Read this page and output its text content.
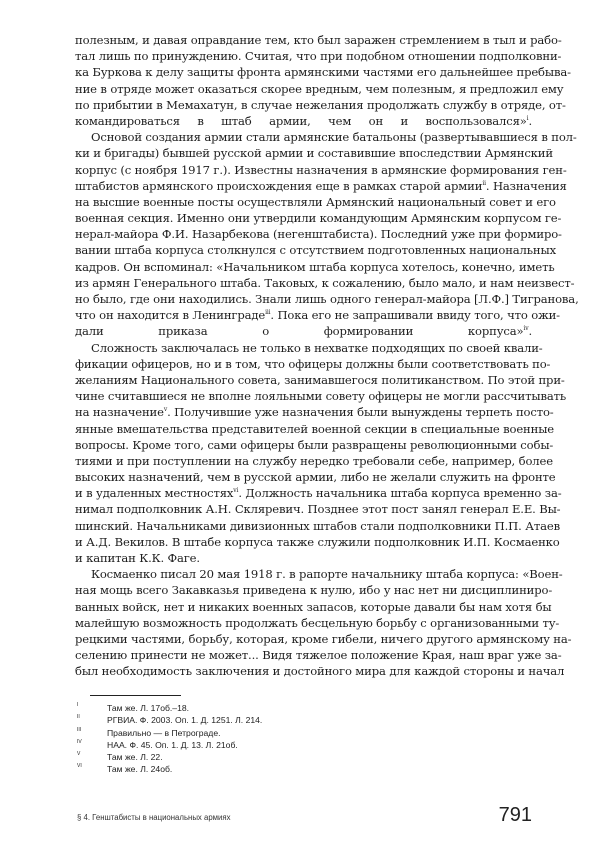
полезным, и давая оправдание тем, кто был заражен стремлением в тыл и рабо-
тал лишь по принуждению. Считая, что при подобном отношении подполковни-
ка Буркова к делу защиты фронта армянскими частями его дальнейшее пребыва-
ние в отряде может оказаться скорее вредным, чем полезным, я предложил ему
по прибытии в Мемахатун, в случае нежелания продолжать службу в отряде, от-
командироваться в штаб армии, чем он и воспользовался»$^i$.
Основой создания армии стали армянские батальоны (развертывавшиеся в пол-
ки и бригады) бывшей русской армии и составившие впоследствии Армянский
корпус (с ноября 1917 г.). Известны назначения в армянские формирования ген-
штабистов армянского происхождения еще в рамках старой армии$^{ii}$. Назначения
на высшие военные посты осуществляли Армянский национальный совет и его
военная секция. Именно они утвердили командующим Армянским корпусом ге-
нерал-майора Ф.И. Назарбекова (негенштабиста). Последний уже при формиро-
вании штаба корпуса столкнулся с отсутствием подготовленных национальных
кадров. Он вспоминал: «Начальником штаба корпуса хотелось, конечно, иметь
из армян Генерального штаба. Таковых, к сожалению, было мало, и нам неизвест-
но было, где они находились. Знали лишь одного генерал-майора [Л.Ф.] Тигранова,
что он находится в Ленинграде$^{iii}$. Пока его не запрашивали ввиду того, что ожи-
дали приказа о формировании корпуса»$^{iv}$.
Сложность заключалась не только в нехватке подходящих по своей квали-
фикации офицеров, но и в том, что офицеры должны были соответствовать по-
желаниям Национального совета, занимавшегося политиканством. По этой при-
чине считавшиеся не вполне лояльными совету офицеры не могли рассчитывать
на назначение$^v$. Получившие уже назначения были вынуждены терпеть посто-
янные вмешательства представителей военной секции в специальные военные
вопросы. Кроме того, сами офицеры были развращены революционными собы-
тиями и при поступлении на службу нередко требовали себе, например, более
высоких назначений, чем в русской армии, либо не желали служить на фронте
и в удаленных местностях$^{vi}$. Должность начальника штаба корпуса временно за-
нимал подполковник А.Н. Скляревич. Позднее этот пост занял генерал Е.Е. Вы-
шинский. Начальниками дивизионных штабов стали подполковники П.П. Атаев
и А.Д. Векилов. В штабе корпуса также служили подполковник И.П. Космаенко
и капитан К.К. Фаге.
Космаенко писал 20 мая 1918 г. в рапорте начальнику штаба корпуса: «Воен-
ная мощь всего Закавказья приведена к нулю, ибо у нас нет ни дисциплиниро-
ванных войск, нет и никаких военных запасов, которые давали бы нам хотя бы
малейшую возможность продолжать бесцельную борьбу с организованными ту-
рецкими частями, борьбу, которая, кроме гибели, ничего другого армянскому на-
селению принести не может... Видя тяжелое положение Края, наш враг уже за-
был необходимость заключения и достойного мира для каждой стороны и начал
I	Там же. Л. 17об.–18.
II	РГВИА. Ф. 2003. Оп. 1. Д. 1251. Л. 214.
III	Правильно — в Петрограде.
IV	НАА. Ф. 45. Оп. 1. Д. 13. Л. 21об.
V	Там же. Л. 22.
VI	Там же. Л. 24об.
§ 4. Генштабисты в национальных армиях	791
